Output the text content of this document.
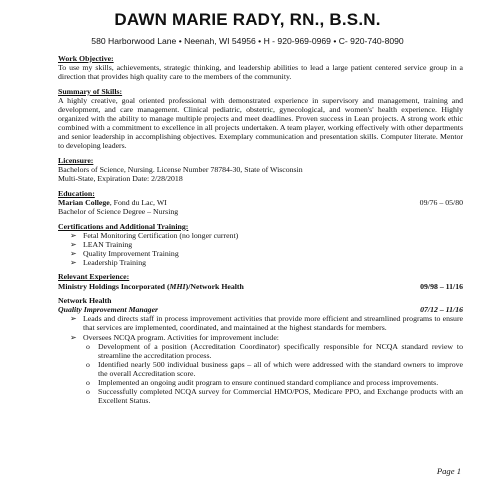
DAWN MARIE RADY, RN., B.S.N.
580 Harborwood Lane • Neenah, WI 54956 • H - 920-969-0969 • C- 920-740-8090
Work Objective:
To use my skills, achievements, strategic thinking, and leadership abilities to lead a large patient centered service group in a direction that provides high quality care to the members of the community.
Summary of Skills:
A highly creative, goal oriented professional with demonstrated experience in supervisory and management, training and development, and care management. Clinical pediatric, obstetric, gynecological, and women's' health experience. Highly organized with the ability to manage multiple projects and meet deadlines. Proven success in Lean projects. A strong work ethic combined with a commitment to excellence in all projects undertaken. A team player, working effectively with other departments and senior leadership in accomplishing objectives. Exemplary communication and presentation skills. Computer literate. Mentor to developing leaders.
Licensure:
Bachelors of Science, Nursing. License Number 78784-30, State of Wisconsin
Multi-State, Expiration Date: 2/28/2018
Education:
Marian College, Fond du Lac, WI	09/76 – 05/80
Bachelor of Science Degree – Nursing
Certifications and Additional Training:
➢ Fetal Monitoring Certification (no longer current)
➢ LEAN Training
➢ Quality Improvement Training
➢ Leadership Training
Relevant Experience:
Ministry Holdings Incorporated (MHI)/Network Health	09/98 – 11/16
Network Health
Quality Improvement Manager	07/12 – 11/16
➢ Leads and directs staff in process improvement activities that provide more efficient and streamlined programs to ensure that services are implemented, coordinated, and maintained at the highest standards for members.
➢ Oversees NCQA program. Activities for improvement include:
o Development of a position (Accreditation Coordinator) specifically responsible for NCQA standard review to streamline the accreditation process.
o Identified nearly 500 individual business gaps – all of which were addressed with the standard owners to improve the overall Accreditation score.
o Implemented an ongoing audit program to ensure continued standard compliance and process improvements.
o Successfully completed NCQA survey for Commercial HMO/POS, Medicare PPO, and Exchange products with an Excellent Status.
Page 1
